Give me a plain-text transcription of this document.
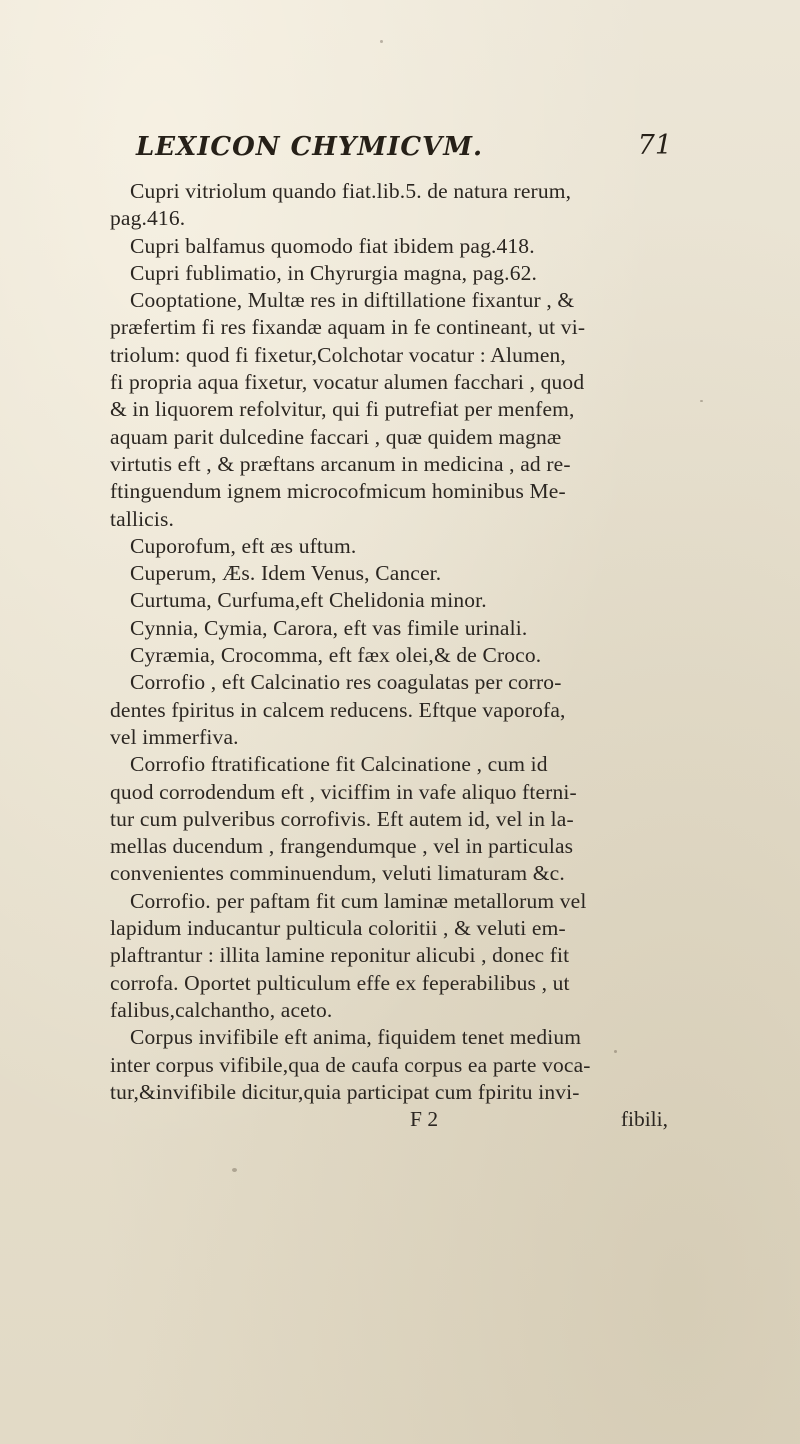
LEXICON CHYMICVM.	71
Cupri vitriolum quando fiat.lib.5. de natura rerum,
pag.416.
Cupri balfamus quomodo fiat ibidem pag.418.
Cupri fublimatio, in Chyrurgia magna, pag.62.
Cooptatione, Multæ res in diftillatione fixantur , &
præfertim fi res fixandæ aquam in fe contineant, ut vi-
triolum: quod fi fixetur,Colchotar vocatur : Alumen,
fi propria aqua fixetur, vocatur alumen facchari , quod
& in liquorem refolvitur, qui fi putrefiat per menfem,
aquam parit dulcedine faccari , quæ quidem magnæ
virtutis eft , & præftans arcanum in medicina , ad re-
ftinguendum ignem microcofmicum hominibus Me-
tallicis.
Cuporofum, eft æs uftum.
Cuperum, Æs. Idem Venus, Cancer.
Curtuma, Curfuma,eft Chelidonia minor.
Cynnia, Cymia, Carora, eft vas fimile urinali.
Cyræmia, Crocomma, eft fæx olei,& de Croco.
Corrofio , eft Calcinatio res coagulatas per corro-
dentes fpiritus in calcem reducens. Eftque vaporofa,
vel immerfiva.
Corrofio ftratificatione fit Calcinatione , cum id
quod corrodendum eft , viciffim in vafe aliquo fterni-
tur cum pulveribus corrofivis. Eft autem id, vel in la-
mellas ducendum , frangendumque , vel in particulas
convenientes comminuendum, veluti limaturam &c.
Corrofio. per paftam fit cum laminæ metallorum vel
lapidum inducantur pulticula coloritii , & veluti em-
plaftrantur : illita lamine reponitur alicubi , donec fit
corrofa. Oportet pulticulum effe ex feperabilibus , ut
falibus,calchantho, aceto.
Corpus invifibile eft anima, fiquidem tenet medium
inter corpus vifibile,qua de caufa corpus ea parte voca-
tur,&invifibile dicitur,quia participat cum fpiritu invi-
F 2	fibili,
